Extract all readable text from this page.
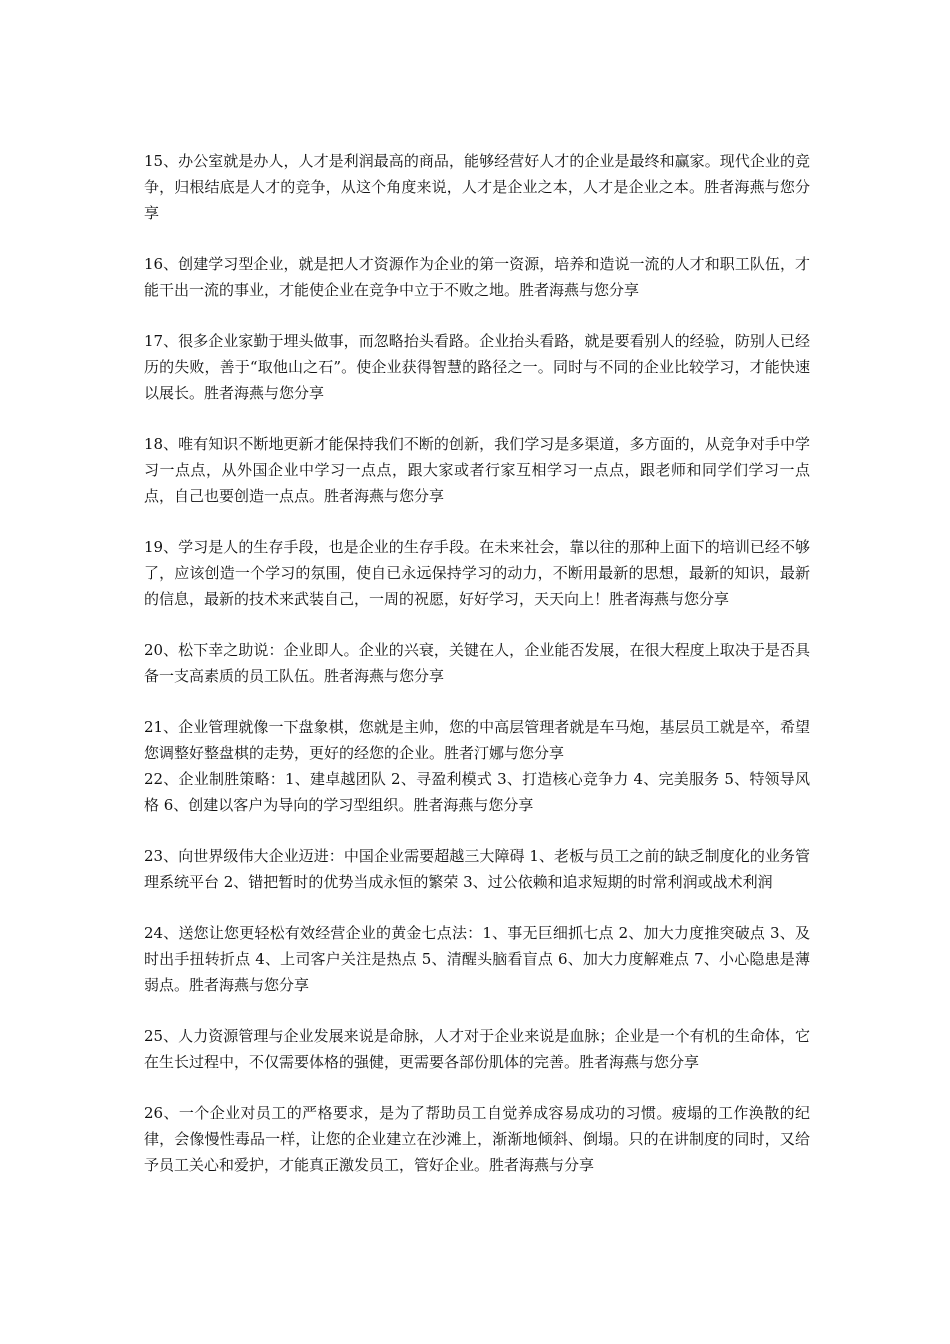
15、办公室就是办人，人才是利润最高的商品，能够经营好人才的企业是最终和赢家。现代企业的竞争，归根结底是人才的竞争，从这个角度来说，人才是企业之本，人才是企业之本。胜者海燕与您分享

16、创建学习型企业，就是把人才资源作为企业的第一资源，培养和造说一流的人才和职工队伍，才能干出一流的事业，才能使企业在竞争中立于不败之地。胜者海燕与您分享

17、很多企业家勤于埋头做事，而忽略抬头看路。企业抬头看路，就是要看别人的经验，防别人已经历的失败，善于“取他山之石”。使企业获得智慧的路径之一。同时与不同的企业比较学习，才能快速以展长。胜者海燕与您分享

18、唯有知识不断地更新才能保持我们不断的创新，我们学习是多渠道，多方面的，从竞争对手中学习一点点，从外国企业中学习一点点，跟大家或者行家互相学习一点点，跟老师和同学们学习一点点，自己也要创造一点点。胜者海燕与您分享

19、学习是人的生存手段，也是企业的生存手段。在未来社会，靠以往的那种上面下的培训已经不够了，应该创造一个学习的氛围，使自已永远保持学习的动力，不断用最新的思想，最新的知识，最新的信息，最新的技术来武装自己，一周的祝愿，好好学习，天天向上！胜者海燕与您分享

20、松下幸之助说：企业即人。企业的兴衰，关键在人，企业能否发展，在很大程度上取决于是否具备一支高素质的员工队伍。胜者海燕与您分享

21、企业管理就像一下盘象棋，您就是主帅，您的中高层管理者就是车马炮，基层员工就是卒，希望您调整好整盘棋的走势，更好的经您的企业。胜者汀娜与您分享

22、企业制胜策略：1、建卓越团队 2、寻盈利模式 3、打造核心竞争力 4、完美服务 5、特领导风格 6、创建以客户为导向的学习型组织。胜者海燕与您分享

23、向世界级伟大企业迈进：中国企业需要超越三大障碍 1、老板与员工之前的缺乏制度化的业务管理系统平台 2、错把暂时的优势当成永恒的繁荣 3、过公依赖和追求短期的时常利润或战术利润

24、送您让您更轻松有效经营企业的黄金七点法：1、事无巨细抓七点 2、加大力度推突破点 3、及时出手扭转折点 4、上司客户关注是热点 5、清醒头脑看盲点 6、加大力度解难点 7、小心隐患是薄弱点。胜者海燕与您分享

25、人力资源管理与企业发展来说是命脉，人才对于企业来说是血脉；企业是一个有机的生命体，它在生长过程中，不仅需要体格的强健，更需要各部份肌体的完善。胜者海燕与您分享

26、一个企业对员工的严格要求，是为了帮助员工自觉养成容易成功的习惯。疲塌的工作涣散的纪律，会像慢性毒品一样，让您的企业建立在沙滩上，渐渐地倾斜、倒塌。只的在讲制度的同时，又给予员工关心和爱护，才能真正激发员工，管好企业。胜者海燕与分享
